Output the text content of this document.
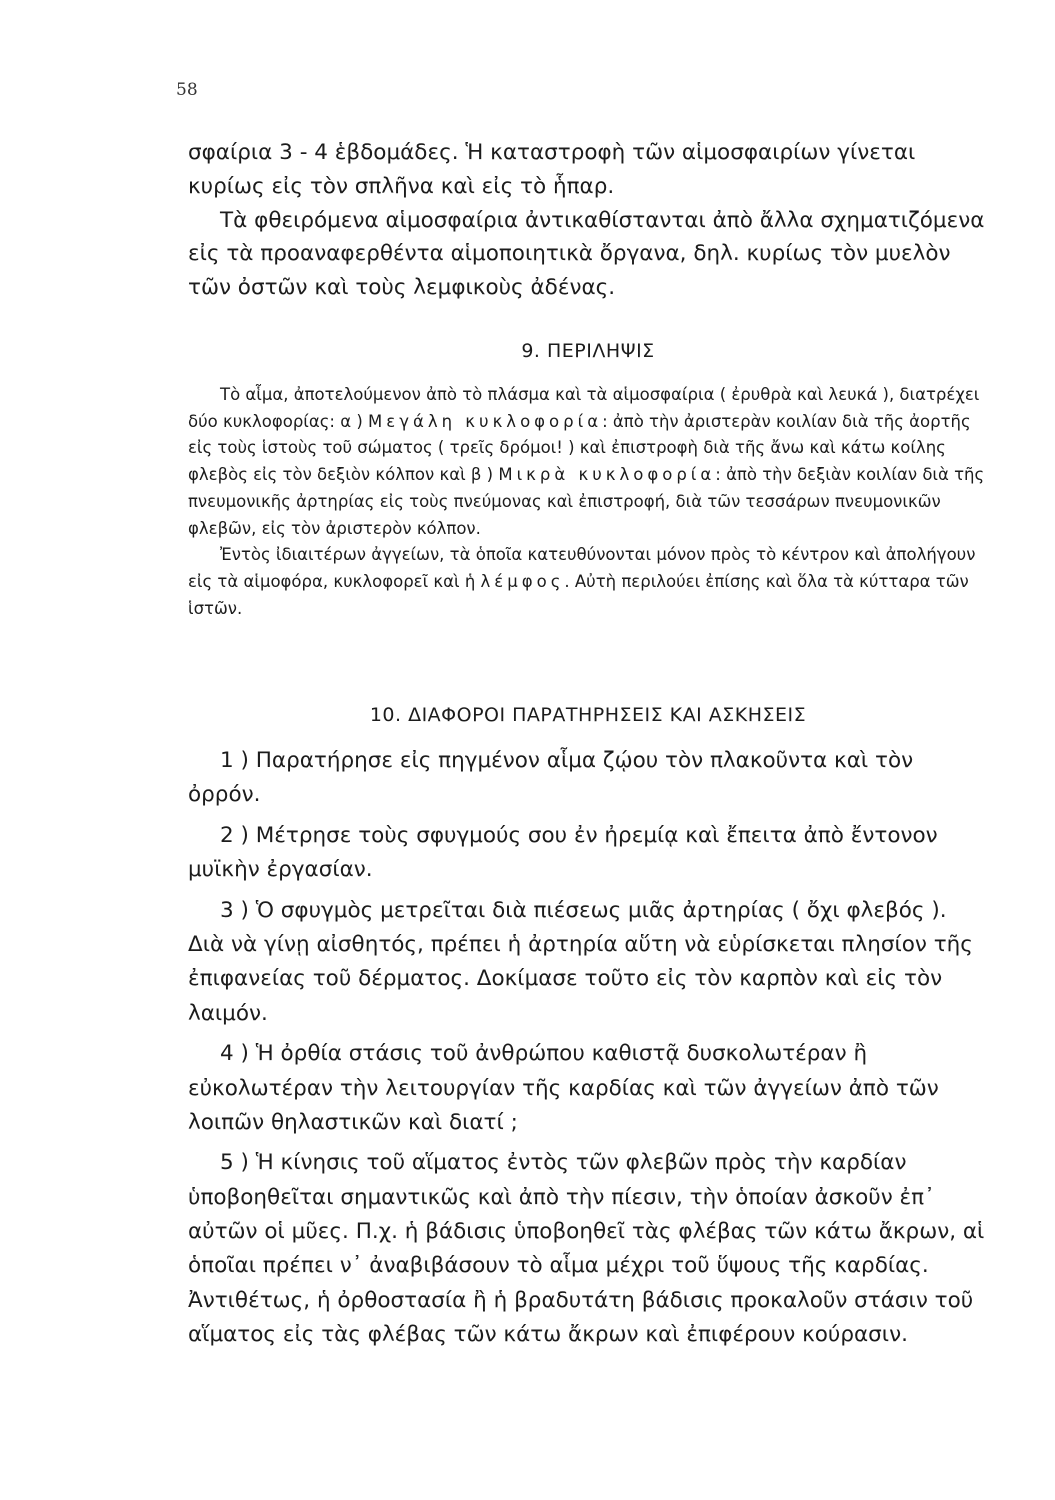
58

σφαίρια 3 - 4 ἑβδομάδες. Ἡ καταστροφὴ τῶν αἱμοσφαιρίων γίνεται κυρίως εἰς τὸν σπλῆνα καὶ εἰς τὸ ἧπαρ.

Τὰ φθειρόμενα αἱμοσφαίρια ἀντικαθίστανται ἀπὸ ἄλλα σχηματιζόμενα εἰς τὰ προαναφερθέντα αἱμοποιητικὰ ὄργανα, δηλ. κυρίως τὸν μυελὸν τῶν ὀστῶν καὶ τοὺς λεμφικοὺς ἀδένας.

9. ΠΕΡΙΛΗΨΙΣ

Τὸ αἷμα, ἀποτελούμενον ἀπὸ τὸ πλάσμα καὶ τὰ αἱμοσφαίρια ( ἐρυθρὰ καὶ λευκά ), διατρέχει δύο κυκλοφορίας: α ) Μεγάλη κυκλοφορία: ἀπὸ τὴν ἀριστερὰν κοιλίαν διὰ τῆς ἀορτῆς εἰς τοὺς ἱστοὺς τοῦ σώματος ( τρεῖς δρόμοι! ) καὶ ἐπιστροφὴ διὰ τῆς ἄνω καὶ κάτω κοίλης φλεβὸς εἰς τὸν δεξιὸν κόλπον καὶ β ) Μικρὰ κυκλοφορία: ἀπὸ τὴν δεξιὰν κοιλίαν διὰ τῆς πνευμονικῆς ἀρτηρίας εἰς τοὺς πνεύμονας καὶ ἐπιστροφή, διὰ τῶν τεσσάρων πνευμονικῶν φλεβῶν, εἰς τὸν ἀριστερὸν κόλπον.

Ἐντὸς ἰδιαιτέρων ἀγγείων, τὰ ὁποῖα κατευθύνονται μόνον πρὸς τὸ κέντρον καὶ ἀπολήγουν εἰς τὰ αἱμοφόρα, κυκλοφορεῖ καὶ ἡ λέμφος. Αὐτὴ περιλούει ἐπίσης καὶ ὅλα τὰ κύτταρα τῶν ἱστῶν.

10. ΔΙΑΦΟΡΟΙ ΠΑΡΑΤΗΡΗΣΕΙΣ ΚΑΙ ΑΣΚΗΣΕΙΣ

1 ) Παρατήρησε εἰς πηγμένον αἷμα ζῴου τὸν πλακοῦντα καὶ τὸν ὀρρόν.

2 ) Μέτρησε τοὺς σφυγμούς σου ἐν ἠρεμίᾳ καὶ ἔπειτα ἀπὸ ἔντονον μυϊκὴν ἐργασίαν.

3 ) Ὁ σφυγμὸς μετρεῖται διὰ πιέσεως μιᾶς ἀρτηρίας ( ὄχι φλεβός ). Διὰ νὰ γίνῃ αἰσθητός, πρέπει ἡ ἀρτηρία αὕτη νὰ εὑρίσκεται πλησίον τῆς ἐπιφανείας τοῦ δέρματος. Δοκίμασε τοῦτο εἰς τὸν καρπὸν καὶ εἰς τὸν λαιμόν.

4 ) Ἡ ὀρθία στάσις τοῦ ἀνθρώπου καθιστᾷ δυσκολωτέραν ἢ εὐκολωτέραν τὴν λειτουργίαν τῆς καρδίας καὶ τῶν ἀγγείων ἀπὸ τῶν λοιπῶν θηλαστικῶν καὶ διατί ;

5 ) Ἡ κίνησις τοῦ αἵματος ἐντὸς τῶν φλεβῶν πρὸς τὴν καρδίαν ὑποβοηθεῖται σημαντικῶς καὶ ἀπὸ τὴν πίεσιν, τὴν ὁποίαν ἀσκοῦν ἐπ᾽ αὐτῶν οἱ μῦες. Π.χ. ἡ βάδισις ὑποβοηθεῖ τὰς φλέβας τῶν κάτω ἄκρων, αἱ ὁποῖαι πρέπει ν᾽ ἀναβιβάσουν τὸ αἷμα μέχρι τοῦ ὕψους τῆς καρδίας. Ἀντιθέτως, ἡ ὀρθοστασία ἢ ἡ βραδυτάτη βάδισις προκαλοῦν στάσιν τοῦ αἵματος εἰς τὰς φλέβας τῶν κάτω ἄκρων καὶ ἐπιφέρουν κούρασιν.
